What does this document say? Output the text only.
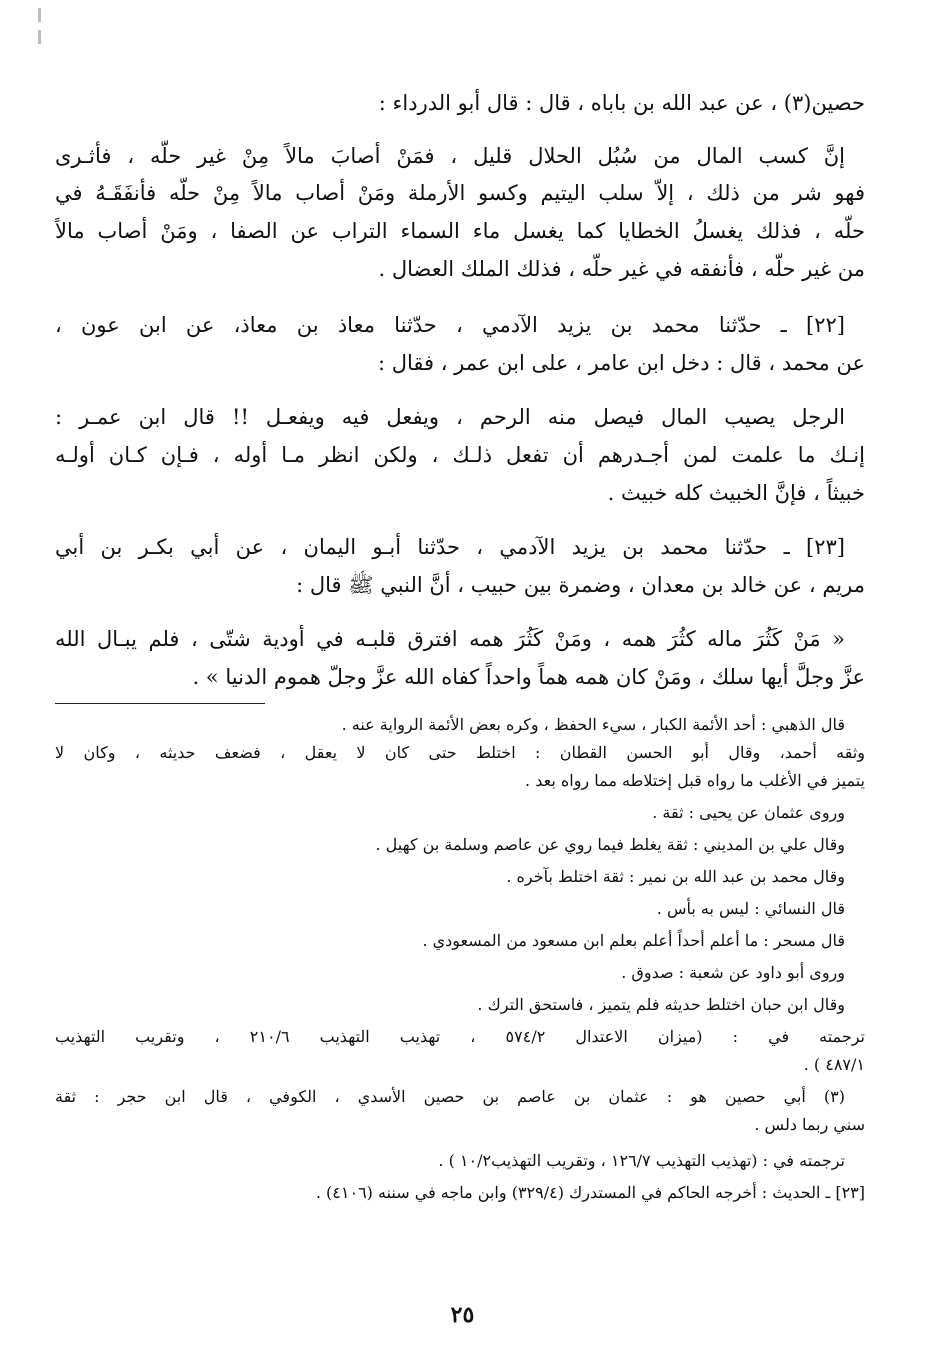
حصين(٣) ، عن عبد الله بن باباه ، قال : قال أبو الدرداء :
إنَّ كسب المال من سُبُل الحلال قليل ، فمَنْ أصابَ مالاً مِنْ غير حلّه ، فأثـرى
فهو شر من ذلك ، إلاّ سلب اليتيم وكسو الأرملة ومَنْ أصاب مالاً مِنْ حلّه فأنفَقَـهُ في
حلّه ، فذلك يغسلُ الخطايا كما يغسل ماء السماء التراب عن الصفا ، ومَنْ أصاب مالاً
من غير حلّه ، فأنفقه في غير حلّه ، فذلك الملك العضال .
[٢٢] ـ حدّثنا محمد بن يزيد الآدمي ، حدّثنا معاذ بن معاذ، عن ابن عون ،
عن محمد ، قال : دخل ابن عامر ، على ابن عمر ، فقال :
الرجل يصيب المال فيصل منه الرحم ، ويفعل فيه ويفعـل !! قال ابن عمـر :
إنـك ما علمت لمن أجـدرهم أن تفعل ذلـك ، ولكن انظر مـا أوله ، فـإن كـان أولـه
خبيثاً ، فإنَّ الخبيث كله خبيث .
[٢٣] ـ حدّثنا محمد بن يزيد الآدمي ، حدّثنا أبـو اليمان ، عن أبي بكـر بن أبي
مريم ، عن خالد بن معدان ، وضمرة بين حبيب ، أنَّ النبي ﷺ قال :
« مَنْ كَثُرَ ماله كثُرَ همه ، ومَنْ كَثُرَ همه افترق قلبـه في أودية شتّى ، فلم يبـال الله
عزَّ وجلَّ أيها سلك ، ومَنْ كان همه هماً واحداً كفاه الله عزَّ وجلّ هموم الدنيا » .
قال الذهبي : أحد الأئمة الكبار ، سيء الحفظ ، وكره بعض الأئمة الرواية عنه .
وثقه أحمد، وقال أبو الحسن القطان : اختلط حتى كان لا يعقل ، فضعف حديثه ، وكان لا
يتميز في الأغلب ما رواه قبل إختلاطه مما رواه بعد .
وروى عثمان عن يحيى : ثقة .
وقال علي بن المديني : ثقة يغلط فيما روي عن عاصم وسلمة بن كهيل .
وقال محمد بن عبد الله بن نمير : ثقة اختلط بآخره .
قال النسائي : ليس به بأس .
قال مسحر : ما أعلم أحداً أعلم بعلم ابن مسعود من المسعودي .
وروى أبو داود عن شعبة : صدوق .
وقال ابن حبان اختلط حديثه فلم يتميز ، فاستحق الترك .
ترجمته في : (ميزان الاعتدال ٥٧٤/٢ ، تهذيب التهذيب ٢١٠/٦ ، وتقريب التهذيب
٤٨٧/١ ) .
(٣) أبي حصين هو : عثمان بن عاصم بن حصين الأسدي ، الكوفي ، قال ابن حجر : ثقة
سني ربما دلس .
ترجمته في : (تهذيب التهذيب ١٢٦/٧ ، وتقريب التهذيب١٠/٢ ) .
[٢٣] ـ الحديث : أخرجه الحاكم في المستدرك (٣٢٩/٤) وابن ماجه في سننه (٤١٠٦) .
٢٥
